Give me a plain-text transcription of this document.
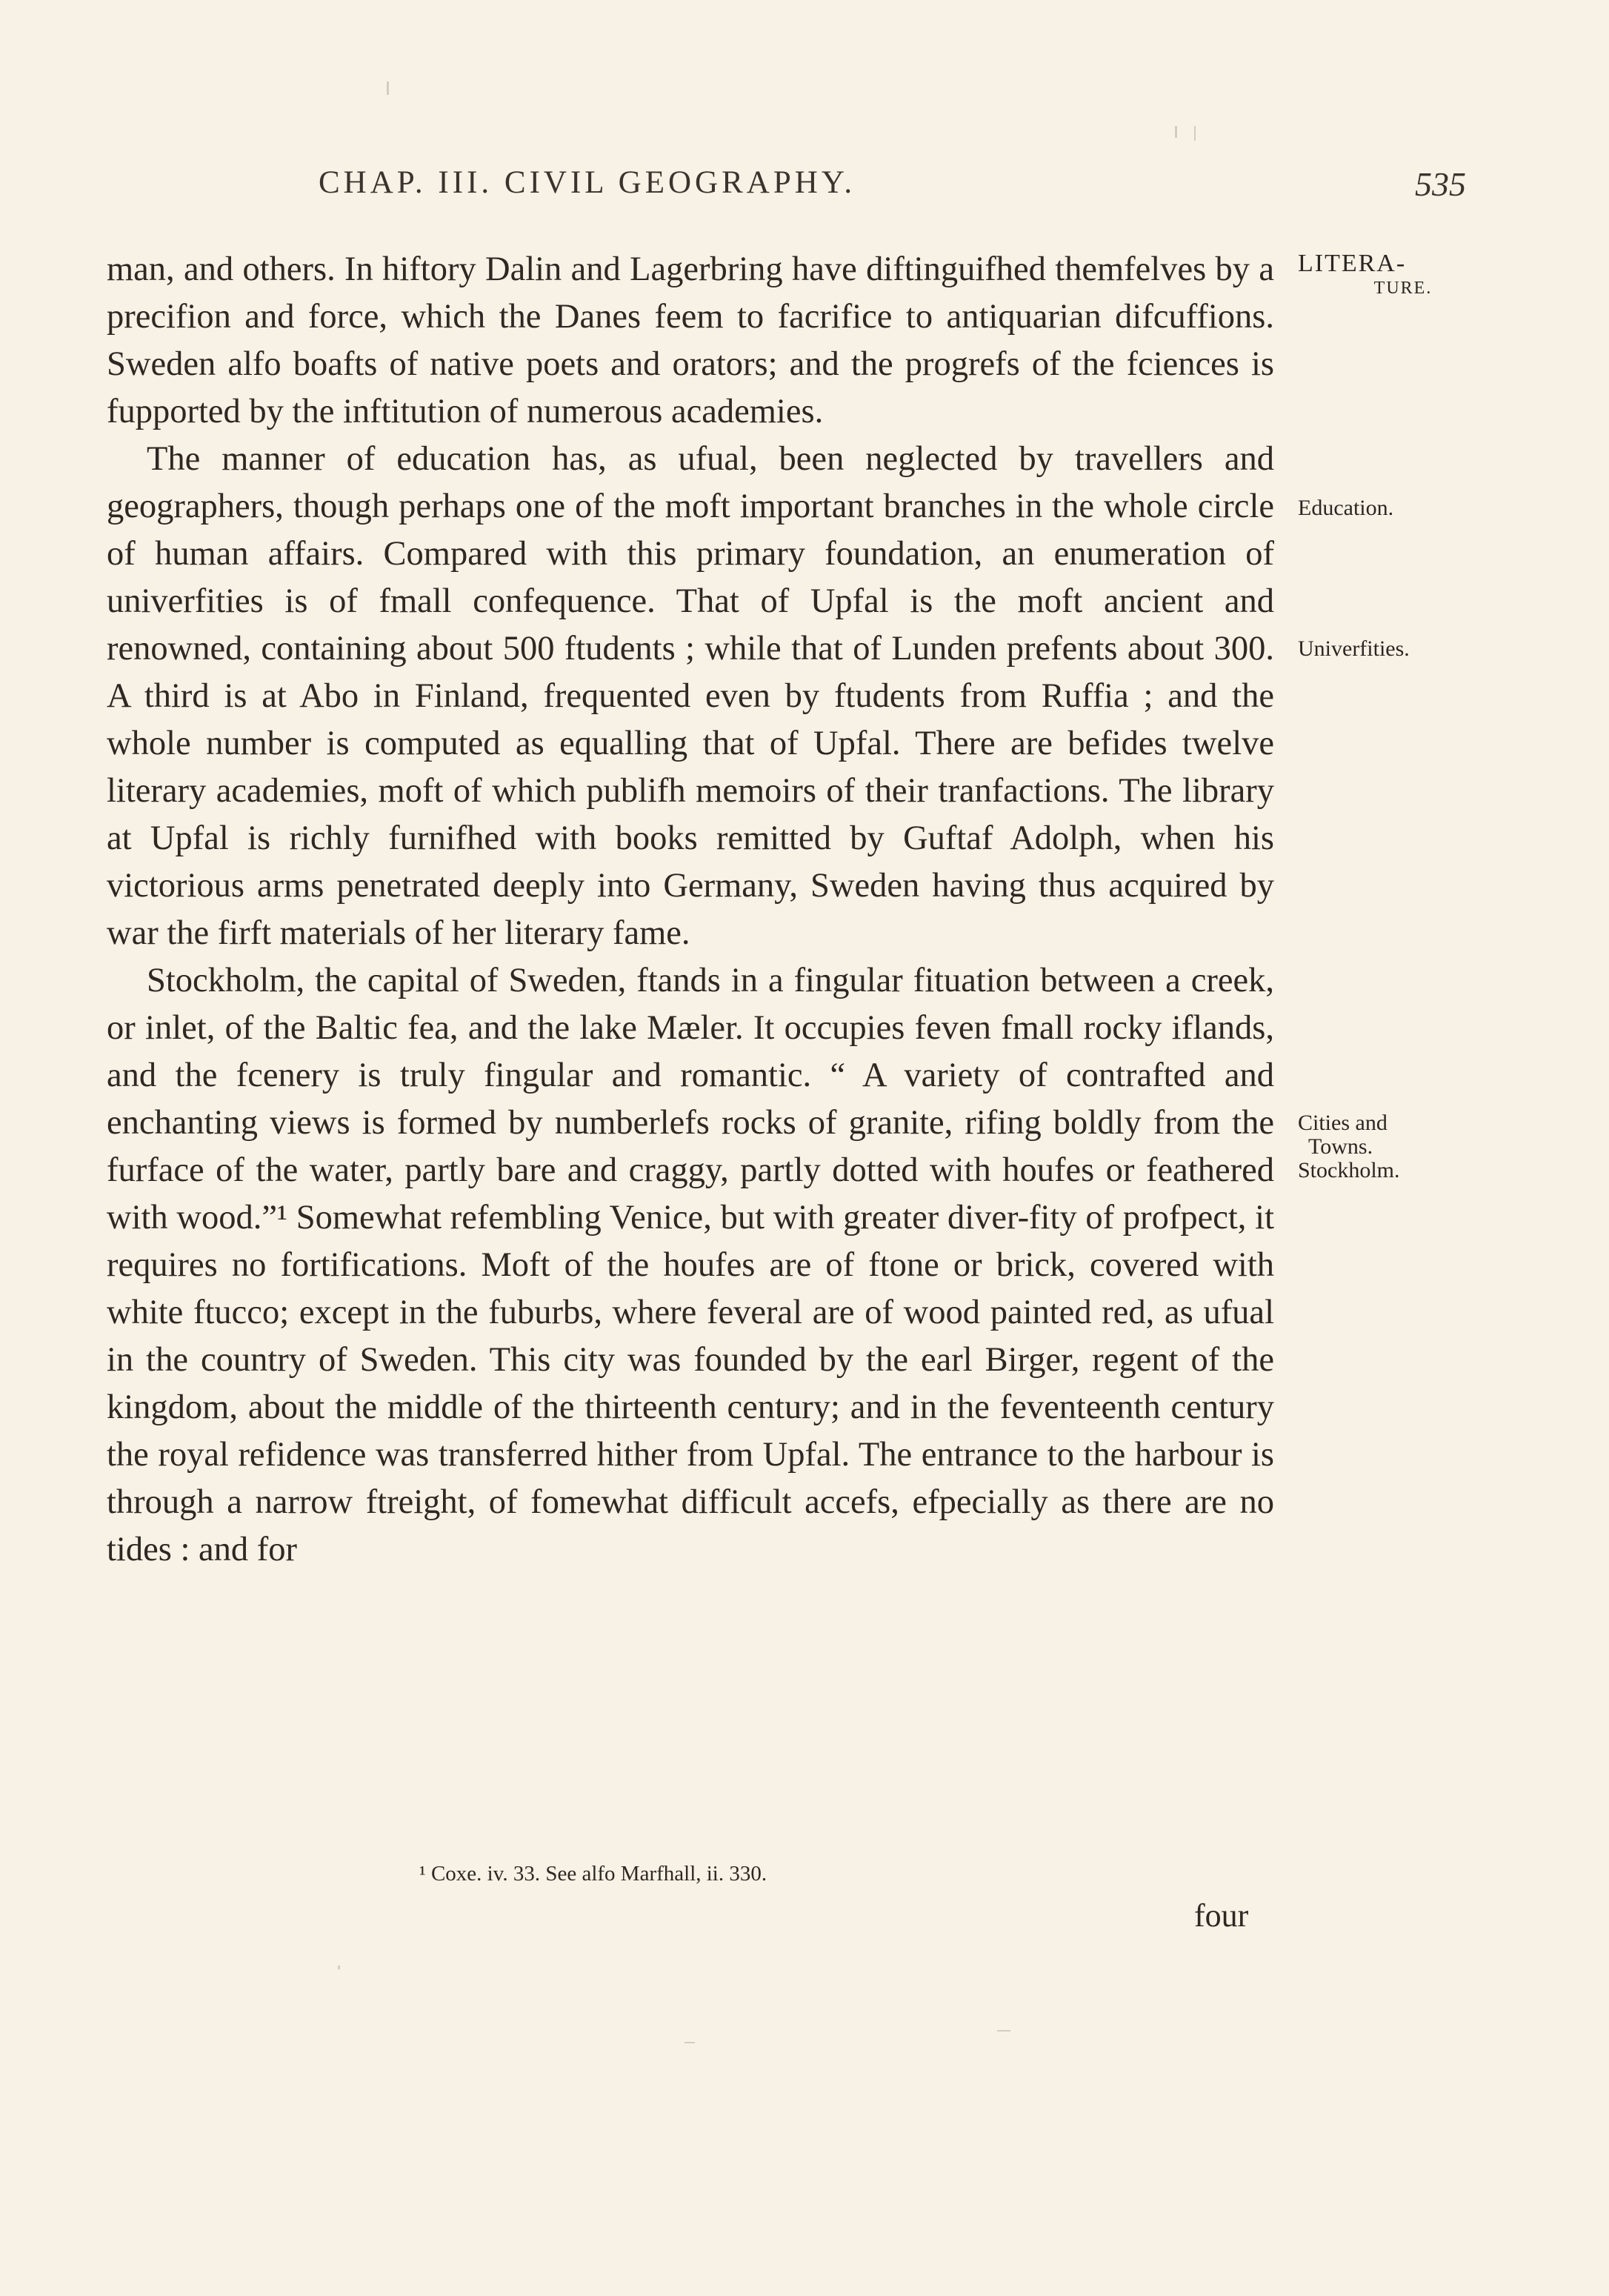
CHAP. III. CIVIL GEOGRAPHY.	535

man, and others. In hiftory Dalin and Lagerbring have diftinguifhed themfelves by a precifion and force, which the Danes feem to facrifice to antiquarian difcuffions. Sweden alfo boafts of native poets and orators; and the progrefs of the fciences is fupported by the inftitution of numerous academies.

The manner of education has, as ufual, been neglected by travellers and geographers, though perhaps one of the moft important branches in the whole circle of human affairs. Compared with this primary foundation, an enumeration of univerfities is of fmall confequence. That of Upfal is the moft ancient and renowned, containing about 500 ftudents ; while that of Lunden prefents about 300. A third is at Abo in Finland, frequented even by ftudents from Ruffia ; and the whole number is computed as equalling that of Upfal. There are befides twelve literary academies, moft of which publifh memoirs of their tranfactions. The library at Upfal is richly furnifhed with books remitted by Guftaf Adolph, when his victorious arms penetrated deeply into Germany, Sweden having thus acquired by war the firft materials of her literary fame.

Stockholm, the capital of Sweden, ftands in a fingular fituation between a creek, or inlet, of the Baltic fea, and the lake Mæler. It occupies feven fmall rocky iflands, and the fcenery is truly fingular and romantic. “ A variety of contrafted and enchanting views is formed by numberlefs rocks of granite, rifing boldly from the furface of the water, partly bare and craggy, partly dotted with houfes or feathered with wood.”¹ Somewhat refembling Venice, but with greater diver-fity of profpect, it requires no fortifications. Moft of the houfes are of ftone or brick, covered with white ftucco; except in the fuburbs, where feveral are of wood painted red, as ufual in the country of Sweden. This city was founded by the earl Birger, regent of the kingdom, about the middle of the thirteenth century; and in the feventeenth century the royal refidence was transferred hither from Upfal. The entrance to the harbour is through a narrow ftreight, of fomewhat difficult accefs, efpecially as there are no tides : and for

LITERA-
TURE.
Education.
Univerfities.
Cities and
Towns.
Stockholm.
¹ Coxe. iv. 33. See alfo Marfhall, ii. 330.
four
